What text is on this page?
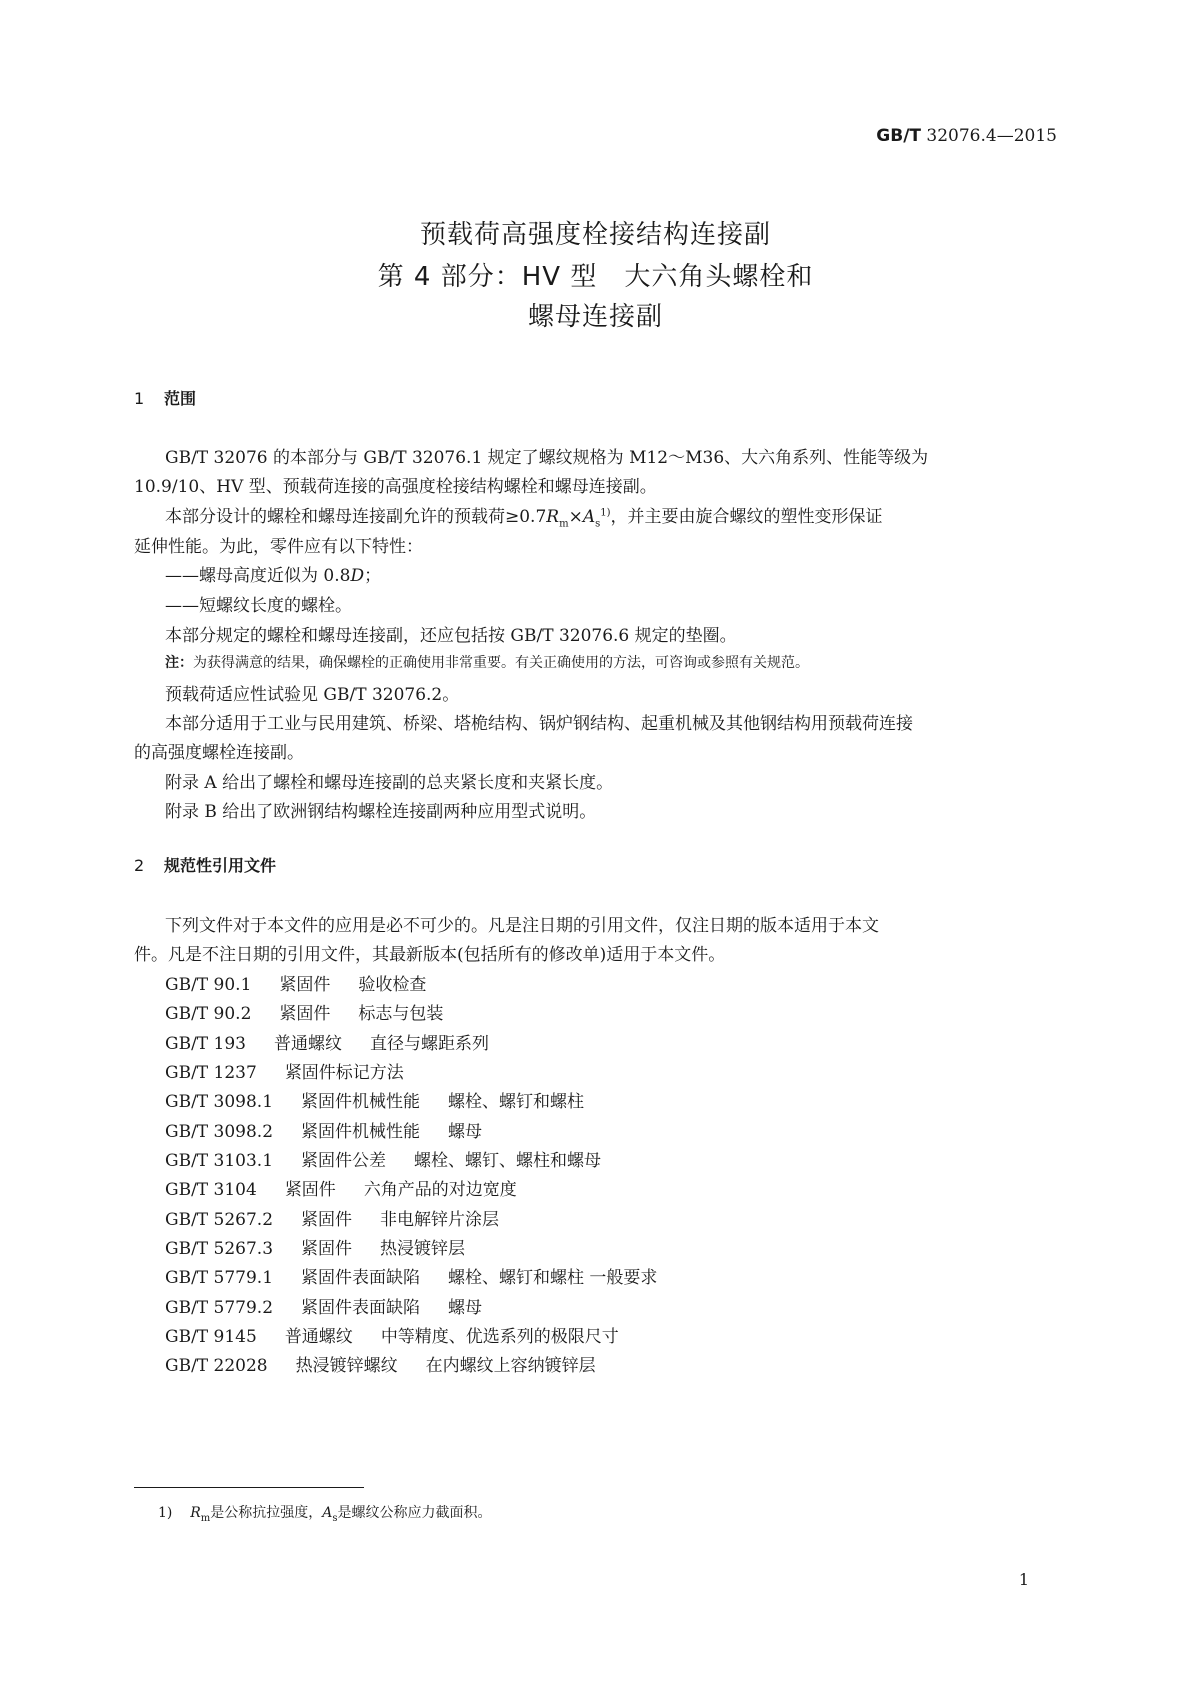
GB/T 32076.4—2015
预载荷高强度栓接结构连接副
第 4 部分：HV 型　大六角头螺栓和
螺母连接副
1 范围
GB/T 32076 的本部分与 GB/T 32076.1 规定了螺纹规格为 M12～M36、大六角系列、性能等级为
10.9/10、HV 型、预载荷连接的高强度栓接结构螺栓和螺母连接副。
本部分设计的螺栓和螺母连接副允许的预载荷$\ge 0.7R_m\times A_s^{1)}$，并主要由旋合螺纹的塑性变形保证
延伸性能。为此，零件应有以下特性：
——螺母高度近似为 0.8D；
——短螺纹长度的螺栓。
本部分规定的螺栓和螺母连接副，还应包括按 GB/T 32076.6 规定的垫圈。
注：为获得满意的结果，确保螺栓的正确使用非常重要。有关正确使用的方法，可咨询或参照有关规范。
预载荷适应性试验见 GB/T 32076.2。
本部分适用于工业与民用建筑、桥梁、塔桅结构、锅炉钢结构、起重机械及其他钢结构用预载荷连接
的高强度螺栓连接副。
附录 A 给出了螺栓和螺母连接副的总夹紧长度和夹紧长度。
附录 B 给出了欧洲钢结构螺栓连接副两种应用型式说明。
2 规范性引用文件
下列文件对于本文件的应用是必不可少的。凡是注日期的引用文件，仅注日期的版本适用于本文
件。凡是不注日期的引用文件，其最新版本(包括所有的修改单)适用于本文件。
GB/T 90.1 紧固件 验收检查
GB/T 90.2 紧固件 标志与包装
GB/T 193 普通螺纹 直径与螺距系列
GB/T 1237 紧固件标记方法
GB/T 3098.1 紧固件机械性能 螺栓、螺钉和螺柱
GB/T 3098.2 紧固件机械性能 螺母
GB/T 3103.1 紧固件公差 螺栓、螺钉、螺柱和螺母
GB/T 3104 紧固件 六角产品的对边宽度
GB/T 5267.2 紧固件 非电解锌片涂层
GB/T 5267.3 紧固件 热浸镀锌层
GB/T 5779.1 紧固件表面缺陷 螺栓、螺钉和螺柱 一般要求
GB/T 5779.2 紧固件表面缺陷 螺母
GB/T 9145 普通螺纹 中等精度、优选系列的极限尺寸
GB/T 22028 热浸镀锌螺纹 在内螺纹上容纳镀锌层
1) $R_m$是公称抗拉强度，$A_s$是螺纹公称应力截面积。
1
